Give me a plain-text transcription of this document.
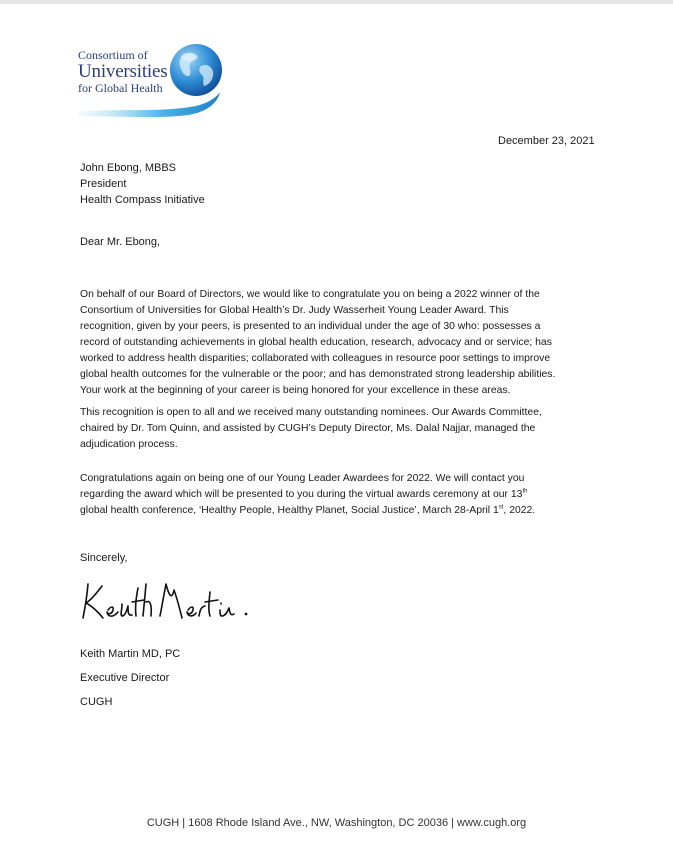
Consortium of
Universities
for Global Health
December 23, 2021
John Ebong, MBBS
President
Health Compass Initiative
Dear Mr. Ebong,
On behalf of our Board of Directors, we would like to congratulate you on being a 2022 winner of the
Consortium of Universities for Global Health’s Dr. Judy Wasserheit Young Leader Award. This
recognition, given by your peers, is presented to an individual under the age of 30 who: possesses a
record of outstanding achievements in global health education, research, advocacy and or service; has
worked to address health disparities; collaborated with colleagues in resource poor settings to improve
global health outcomes for the vulnerable or the poor; and has demonstrated strong leadership abilities.
Your work at the beginning of your career is being honored for your excellence in these areas.
This recognition is open to all and we received many outstanding nominees. Our Awards Committee,
chaired by Dr. Tom Quinn, and assisted by CUGH’s Deputy Director, Ms. Dalal Najjar, managed the
adjudication process.
Congratulations again on being one of our Young Leader Awardees for 2022. We will contact you
regarding the award which will be presented to you during the virtual awards ceremony at our 13th
global health conference, ‘Healthy People, Healthy Planet, Social Justice’, March 28-April 1st, 2022.
Sincerely,
Keith Martin MD, PC
Executive Director
CUGH
CUGH | 1608 Rhode Island Ave., NW, Washington, DC 20036 | www.cugh.org
